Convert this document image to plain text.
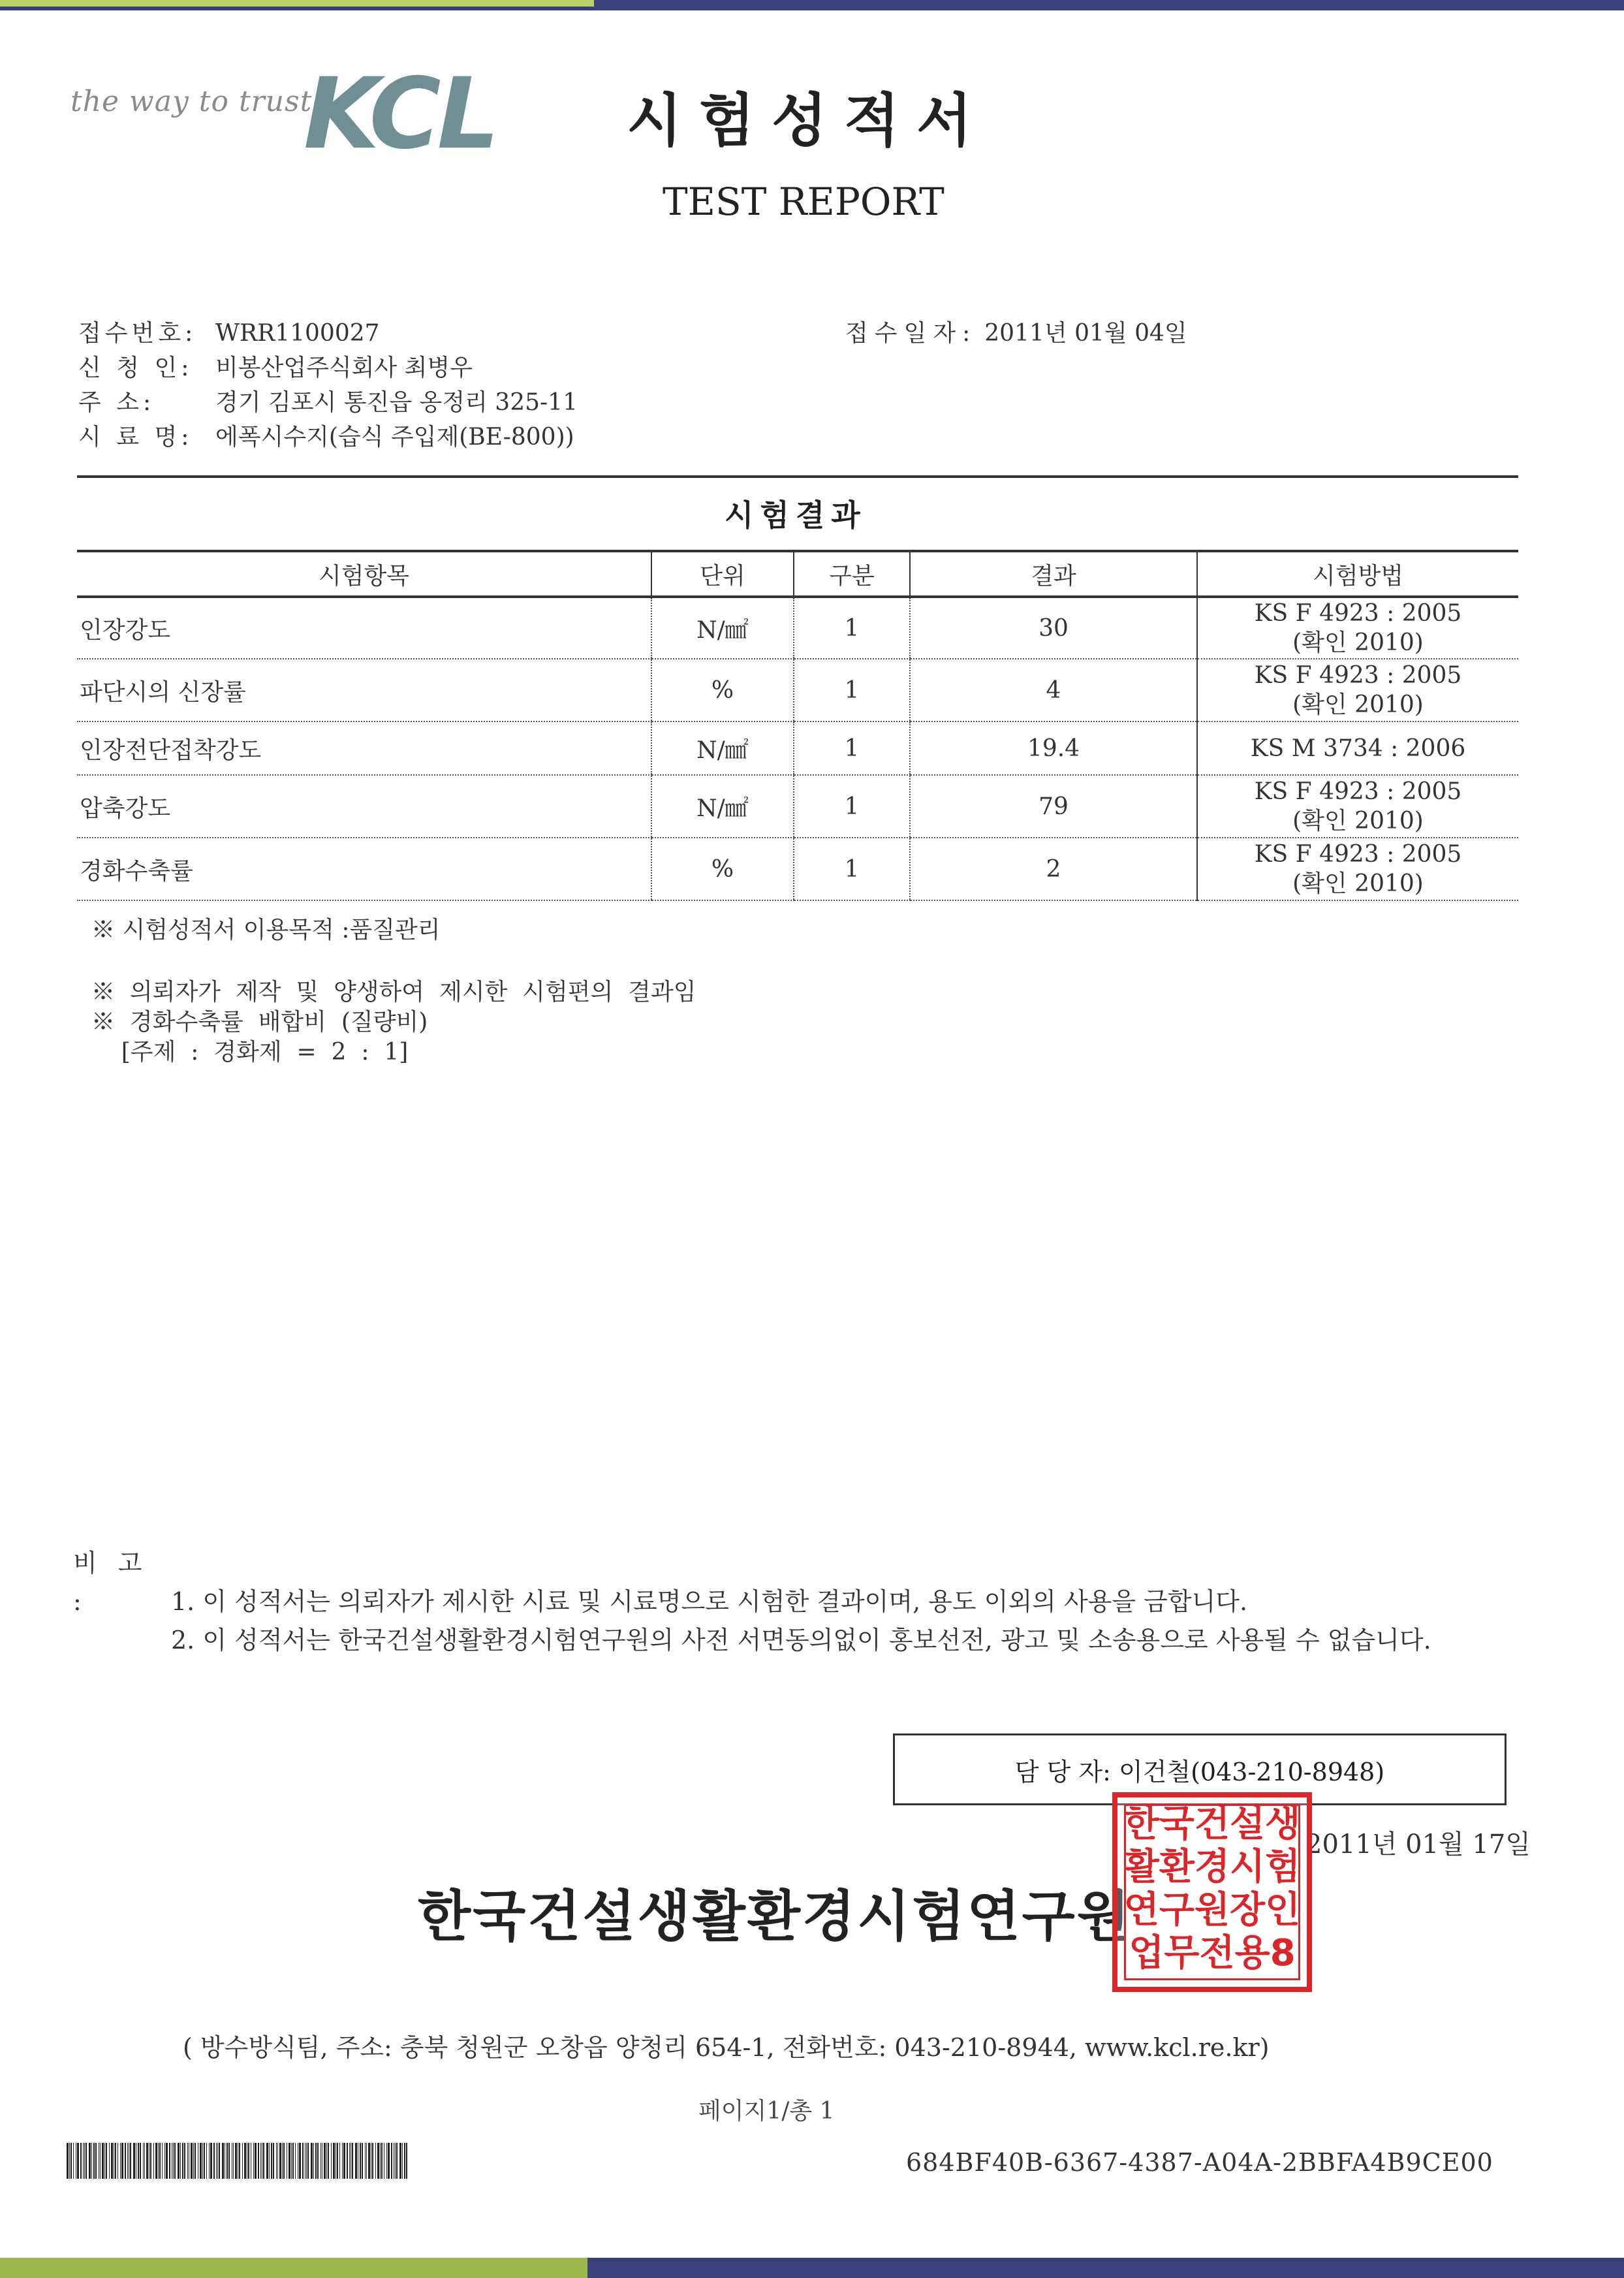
the way to trust
KCL 시험성적서
TEST REPORT
접수번호: WRR1100027	접수일자: 2011년 01월 04일
신 청 인: 비봉산업주식회사 최병우
주 소:	경기 김포시 통진읍 옹정리 325-11
시 료 명: 에폭시수지(습식 주입제(BE-800))
시험결과
시험항목	단위	구분	결과	시험방법
인장강도	N/㎟	1	30	KS F 4923 : 2005
(확인 2010)

파단시의 신장률	%	1	4	KS F 4923 : 2005
(확인 2010)

인장전단접착강도	N/㎟	1	19.4	KS M 3734 : 2006

압축강도	N/㎟	1	79	KS F 4923 : 2005
(확인 2010)

경화수축률	%	1	2	KS F 4923 : 2005
(확인 2010)
※ 시험성적서 이용목적 :품질관리
※  의뢰자가  제작  및  양생하여  제시한  시험편의  결과임
※  경화수축률  배합비  (질량비)
[주제  :  경화제  =  2  :  1]
비 고 :	1. 이 성적서는 의뢰자가 제시한 시료 및 시료명으로 시험한 결과이며, 용도 이외의 사용을 금합니다.
2. 이 성적서는 한국건설생활환경시험연구원의 사전 서면동의없이 홍보선전, 광고 및 소송용으로 사용될 수 없습니다.
담 당 자: 이건철(043-210-8948)
2011년 01월 17일
한국건설생활환경시험연구원
한국건설생
활환경시험
연구원장인
업무전용8
( 방수방식팀, 주소: 충북 청원군 오창읍 양청리 654-1, 전화번호: 043-210-8944, www.kcl.re.kr)
페이지1/총 1
684BF40B-6367-4387-A04A-2BBFA4B9CE00
